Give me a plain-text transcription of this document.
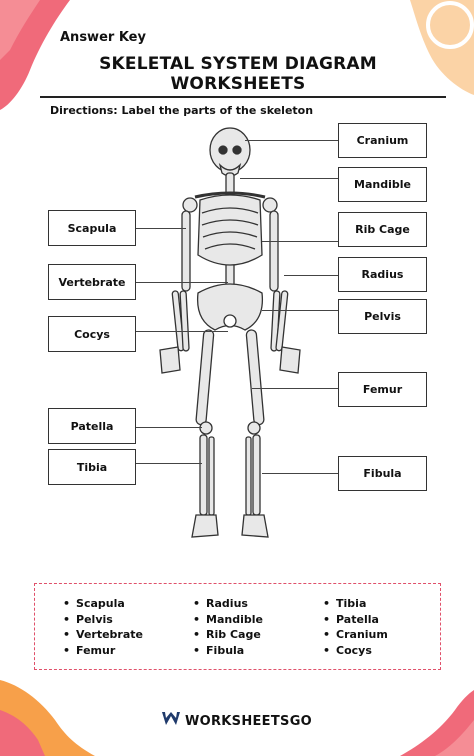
Answer Key
SKELETAL SYSTEM DIAGRAM WORKSHEETS
Directions: Label the parts of the skeleton
Scapula
Vertebrate
Cocys
Patella
Tibia
Cranium
Mandible
Rib Cage
Radius
Pelvis
Femur
Fibula
• Scapula
• Pelvis
• Vertebrate
• Femur
• Radius
• Mandible
• Rib Cage
• Fibula
• Tibia
• Patella
• Cranium
• Cocys
WORKSHEETSGO
